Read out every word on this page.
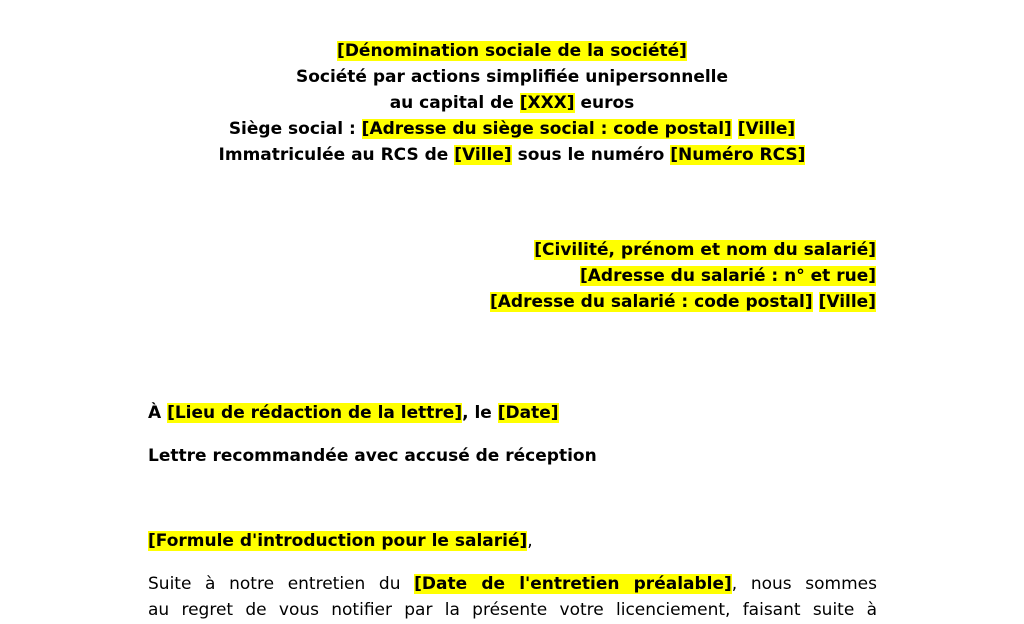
[Dénomination sociale de la société]
Société par actions simplifiée unipersonnelle
au capital de [XXX] euros
Siège social : [Adresse du siège social : code postal] [Ville]
Immatriculée au RCS de [Ville] sous le numéro [Numéro RCS]
[Civilité, prénom et nom du salarié]
[Adresse du salarié : n° et rue]
[Adresse du salarié : code postal] [Ville]
À [Lieu de rédaction de la lettre], le [Date]
Lettre recommandée avec accusé de réception
[Formule d'introduction pour le salarié],
Suite à notre entretien du [Date de l'entretien préalable], nous sommes
au regret de vous notifier par la présente votre licenciement, faisant suite à
